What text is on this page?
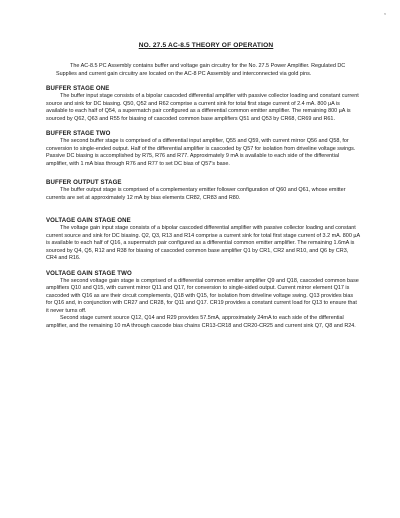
,
NO. 27.5 AC-8.5 THEORY OF OPERATION

The AC-8.5 PC Assembly contains buffer and voltage gain circuitry for the No. 27.5 Power Amplifier. Regulated DC Supplies and current gain circuitry are located on the AC-8 PC Assembly and interconnected via gold pins.

BUFFER STAGE ONE

The buffer input stage consists of a bipolar cascoded differential amplifier with passive collector loading and constant current source and sink for DC biasing. Q50, Q52 and R62 comprise a current sink for total first stage current of 2.4 mA. 800 µA is available to each half of Q54, a supermatch pair configured as a differential common emitter amplifier. The remaining 800 µA is sourced by Q62, Q63 and R55 for biasing of cascoded common base amplifiers Q51 and Q53 by CR68, CR69 and R61.

BUFFER STAGE TWO

The second buffer stage is comprised of a differential input amplifier, Q55 and Q59, with current mirror Q56 and Q58, for conversion to single-ended output. Half of the differential amplifier is cascoded by Q57 for isolation from driveline voltage swings. Passive DC biasing is accomplished by R75, R76 and R77. Approximately 9 mA is available to each side of the differential amplifier, with 1 mA bias through R76 and R77 to set DC bias of Q57's base.

BUFFER OUTPUT STAGE

The buffer output stage is comprised of a complementary emitter follower configuration of Q60 and Q61, whose emitter currents are set at approximately 12 mA by bias elements CR82, CR83 and R80.

VOLTAGE GAIN STAGE ONE

The voltage gain input stage consists of a bipolar cascoded differential amplifier with passive collector loading and constant current source and sink for DC biasing. Q2, Q3, R13 and R14 comprise a current sink for total first stage current of 3.2 mA. 800 µA is available to each half of Q16, a supermatch pair configured as a differential common emitter amplifier. The remaining 1.6mA is sourced by Q4, Q5, R12 and R38 for biasing of cascoded common base amplifier Q1 by CR1, CR2 and R10, and Q6 by CR3, CR4 and R16.

VOLTAGE GAIN STAGE TWO

The second voltage gain stage is comprised of a differential common emitter amplifier Q9 and Q18, cascoded common base amplifiers Q10 and Q15, with current mirror Q11 and Q17, for conversion to single-sided output. Current mirror element Q17 is cascoded with Q16 as are their circuit complements, Q18 with Q15, for isolation from driveline voltage swing. Q13 provides bias for Q16 and, in conjunction with CR27 and CR28, for Q11 and Q17. CR19 provides a constant current load for Q13 to ensure that it never turns off.

Second stage current source Q12, Q14 and R29 provides 57.5mA, approximately 24mA to each side of the differential amplifier, and the remaining 10 mA through cascode bias chains CR13-CR18 and CR20-CR25 and current sink Q7, Q8 and R24.
